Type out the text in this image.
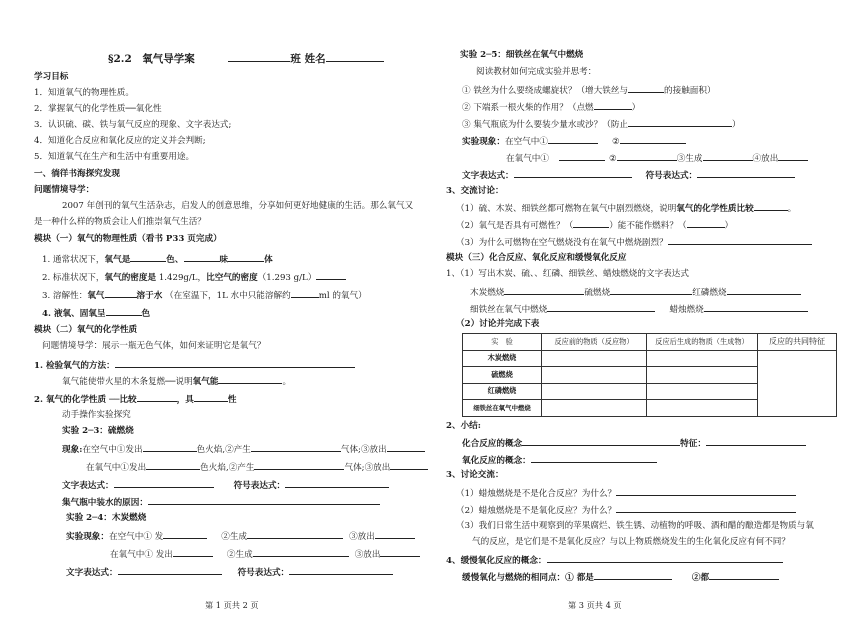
§2.2　氧气导学案	班 姓名
学习目标
1．知道氧气的物理性质。
2．掌握氧气的化学性质──氧化性
3．认识硫、碳、铁与氧气反应的现象、文字表达式;
4．知道化合反应和氧化反应的定义并会判断;
5．知道氧气在生产和生活中有重要用途。
一、徜徉书海探究发现
问题情境导学：
2007 年创刊的氧气生活杂志，启发人的创意思维，分享如何更好地健康的生活。那么氧气又
是一种什么样的物质会让人们推崇氧气生活？
模块（一）氧气的物理性质（看书 P33 页完成）
1. 通常状况下，氧气是	色、	味	体
2. 标准状况下，氧气的密度是 1.429g/L，比空气的密度（1.293 g/L）
3. 溶解性：氧气	溶于水 （在室温下，1L 水中只能溶解约	ml 的氧气）
4. 液氧、固氧呈	色
模块（二）氧气的化学性质
问题情境导学：展示一瓶无色气体，如何来证明它是氧气？
1. 检验氧气的方法：
氧气能使带火星的木条复燃──说明氧气能	。
2. 氧气的化学性质 ──比较	，具	性
动手操作实验探究
实验 2─3：硫燃烧
现象:在空气中①发出	色火焰,②产生	气体;③放出
在氧气中①发出	色火焰,②产生	气体;③放出
文字表达式：	符号表达式：
集气瓶中装水的原因：
实验 2─4：木炭燃烧
实验现象：在空气中① 发	②生成	③放出
在氧气中① 发出	②生成	③放出
文字表达式：	符号表达式：
第 1 页共 2 页
实验 2─5：细铁丝在氧气中燃烧
阅读教材如何完成实验并思考：
① 铁丝为什么要绕成螺旋状？（增大铁丝与	的接触面积）
② 下端系一根火柴的作用？（点燃	）
③ 集气瓶底为什么要装少量水或沙？（防止	）
实验现象：在空气中①	②
在氧气中①	②	③生成	④放出
文字表达式：	符号表达式：
3、交流讨论：
（1）硫、木炭、细铁丝都可燃物在氧气中剧烈燃烧，说明氧气的化学性质比较	。
（2）氧气是否具有可燃性？（	）能不能作燃料？（	）
（3）为什么可燃物在空气燃烧没有在氧气中燃烧剧烈？
模块（三）化合反应、氧化反应和缓慢氧化反应
1、（1）写出木炭、硫、、红磷、细铁丝、蜡烛燃烧的文字表达式
木炭燃烧	硫燃烧	红磷燃烧
细铁丝在氧气中燃烧	蜡烛燃烧
（2）讨论并完成下表
实　验	反应前的物质（反应物）	反应后生成的物质（生成物）	反应的共同特征
木炭燃烧			
硫燃烧			
红磷燃烧			
细铁丝在氧气中燃烧			
2、小结:
化合反应的概念	特征：
氧化反应的概念：
3、讨论交流：
（1）蜡烛燃烧是不是化合反应？为什么？
（2）蜡烛燃烧是不是氧化反应？为什么？
（3）我们日常生活中观察到的苹果腐烂、铁生锈、动植物的呼吸、酒和醋的酿造都是物质与氧
气的反应，是它们是不是氧化反应？与以上物质燃烧发生的生化氧化反应有何不同？
4、缓慢氧化反应的概念：
缓慢氧化与燃烧的相同点：① 都是	②都
第 3 页共 4 页
